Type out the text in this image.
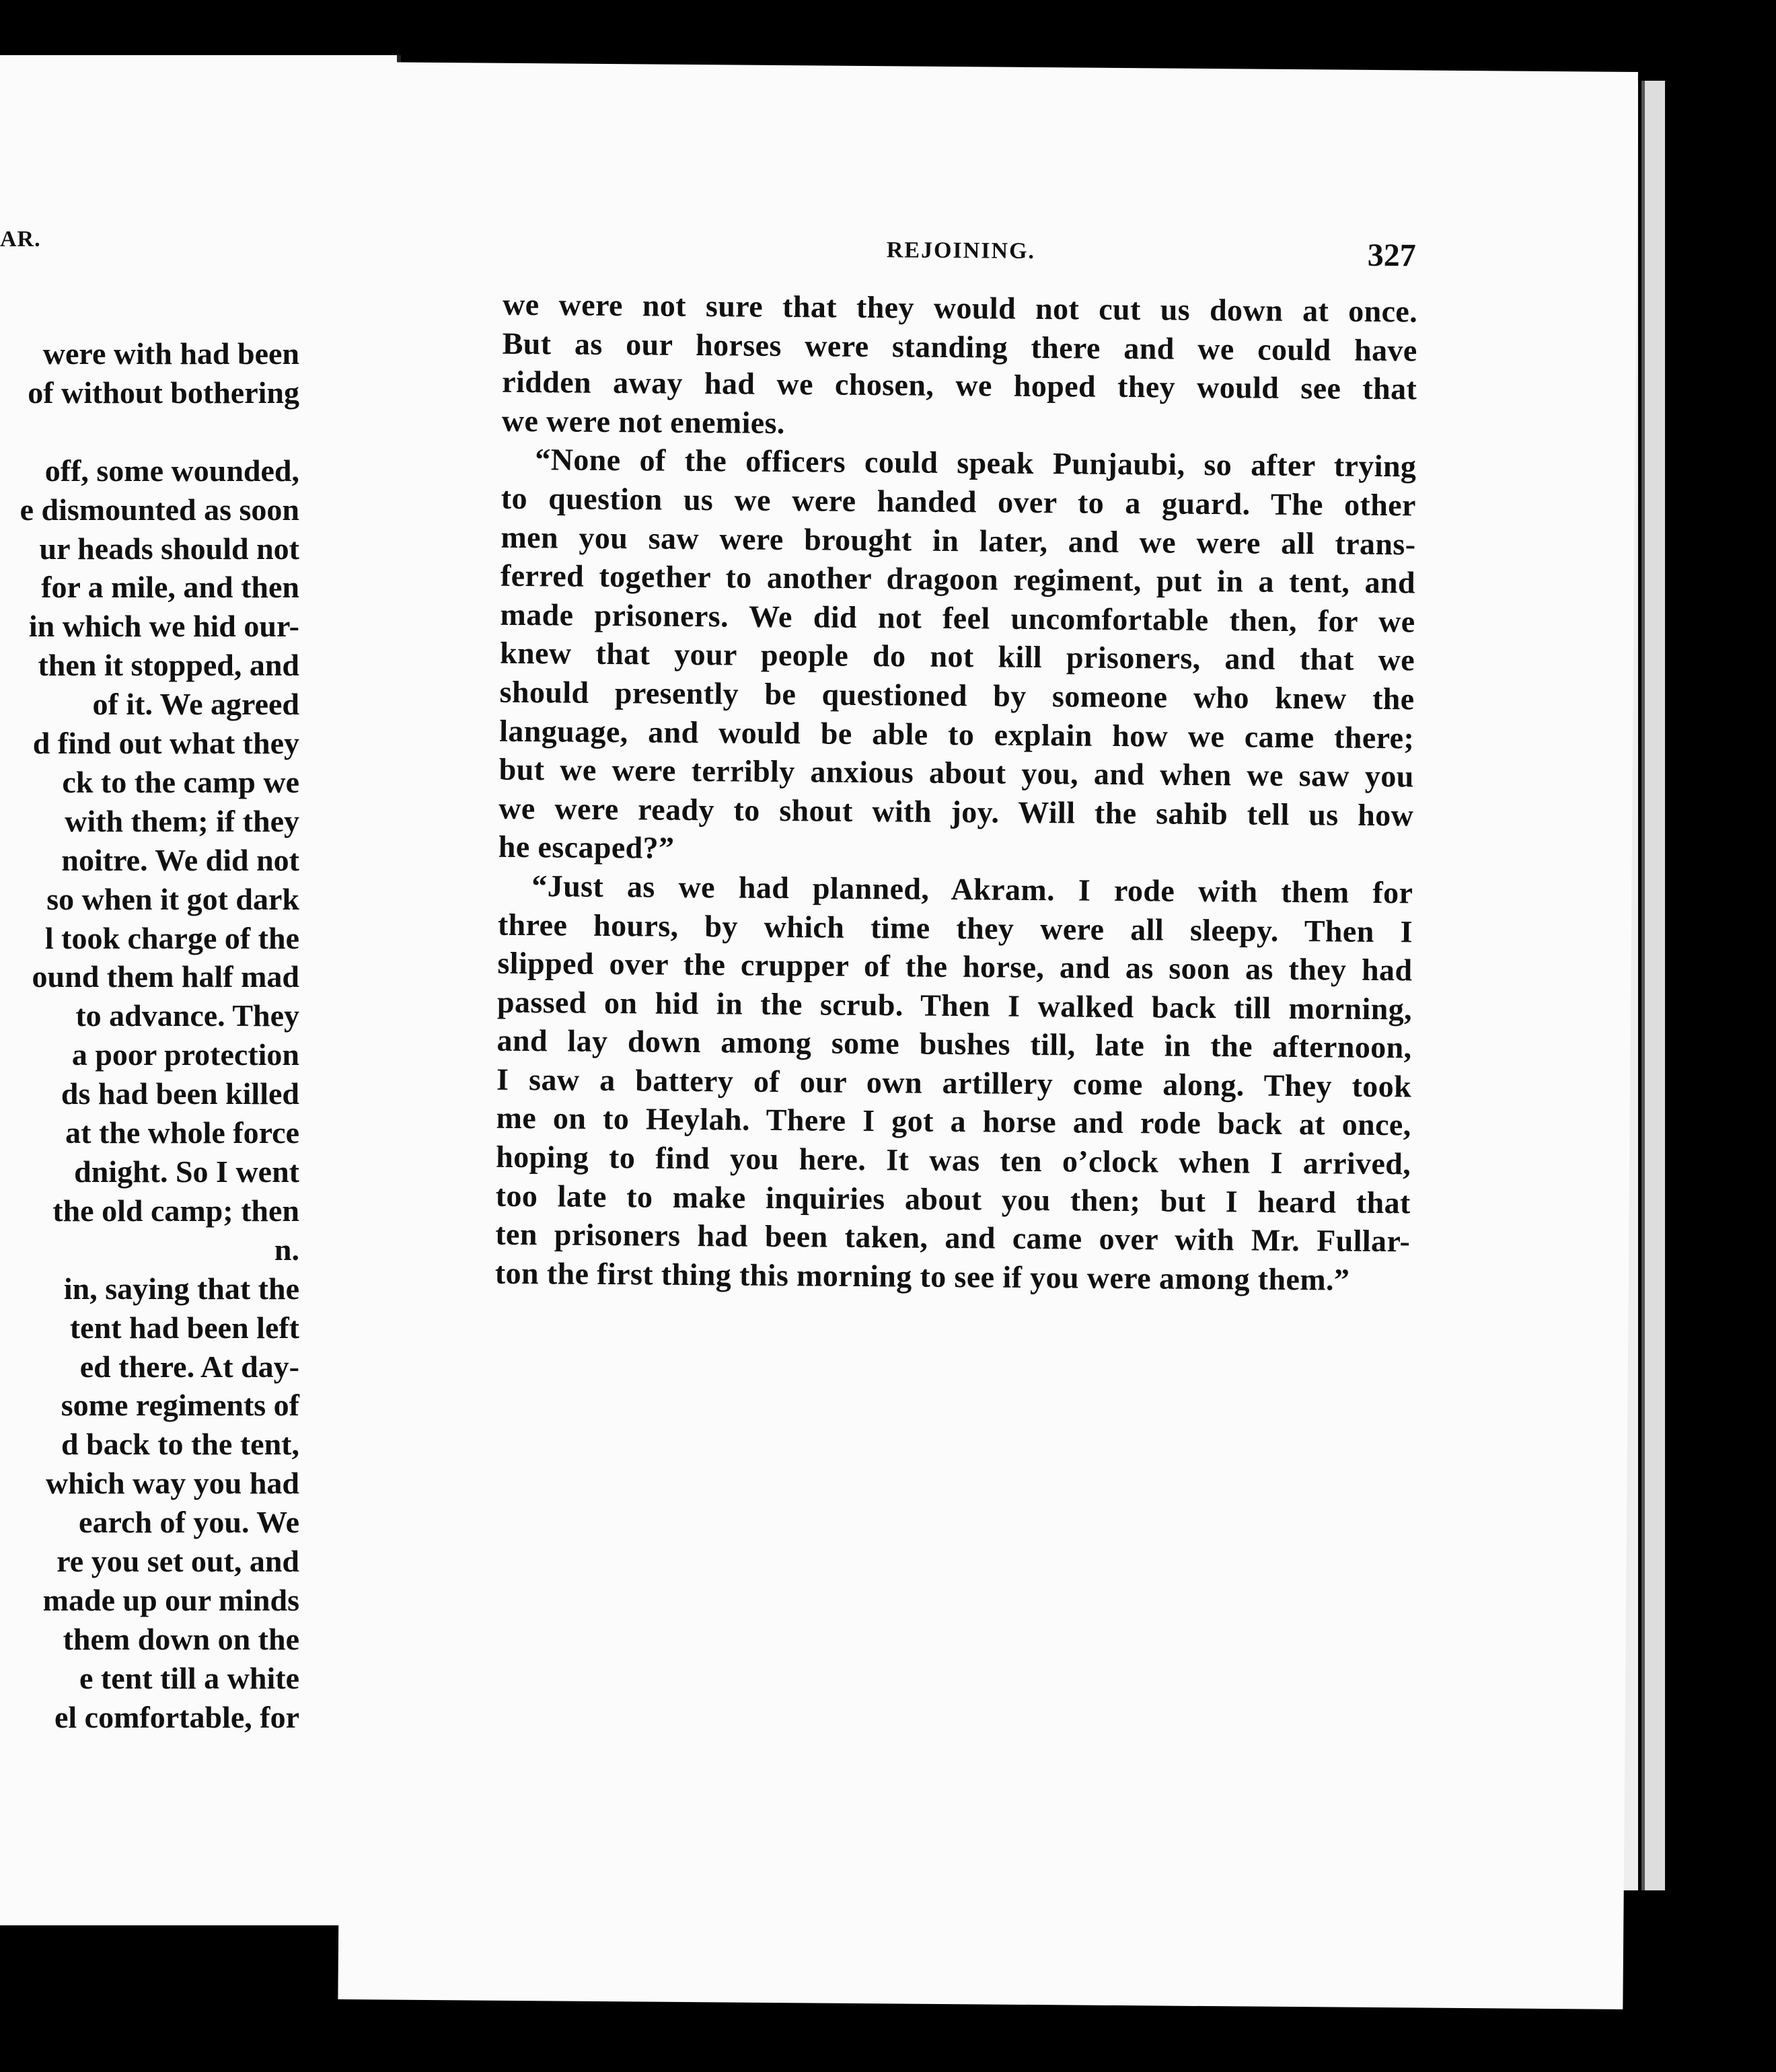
AR.
were with had been
of without bothering
off, some wounded,
e dismounted as soon
ur heads should not
for a mile, and then
in which we hid our-
then it stopped, and
of it. We agreed
d find out what they
ck to the camp we
with them; if they
noitre. We did not
so when it got dark
l took charge of the
ound them half mad
to advance. They
a poor protection
ds had been killed
at the whole force
dnight. So I went
the old camp; then
n.
in, saying that the
tent had been left
ed there. At day-
some regiments of
d back to the tent,
which way you had
earch of you. We
re you set out, and
made up our minds
them down on the
e tent till a white
el comfortable, for
REJOINING.	327
we were not sure that they would not cut us down at once.
But as our horses were standing there and we could have
ridden away had we chosen, we hoped they would see that
we were not enemies.
“None of the officers could speak Punjaubi, so after trying
to question us we were handed over to a guard. The other
men you saw were brought in later, and we were all trans-
ferred together to another dragoon regiment, put in a tent, and
made prisoners. We did not feel uncomfortable then, for we
knew that your people do not kill prisoners, and that we
should presently be questioned by someone who knew the
language, and would be able to explain how we came there;
but we were terribly anxious about you, and when we saw you
we were ready to shout with joy. Will the sahib tell us how
he escaped?”
“Just as we had planned, Akram. I rode with them for
three hours, by which time they were all sleepy. Then I
slipped over the crupper of the horse, and as soon as they had
passed on hid in the scrub. Then I walked back till morning,
and lay down among some bushes till, late in the afternoon,
I saw a battery of our own artillery come along. They took
me on to Heylah. There I got a horse and rode back at once,
hoping to find you here. It was ten o’clock when I arrived,
too late to make inquiries about you then; but I heard that
ten prisoners had been taken, and came over with Mr. Fullar-
ton the first thing this morning to see if you were among them.”
